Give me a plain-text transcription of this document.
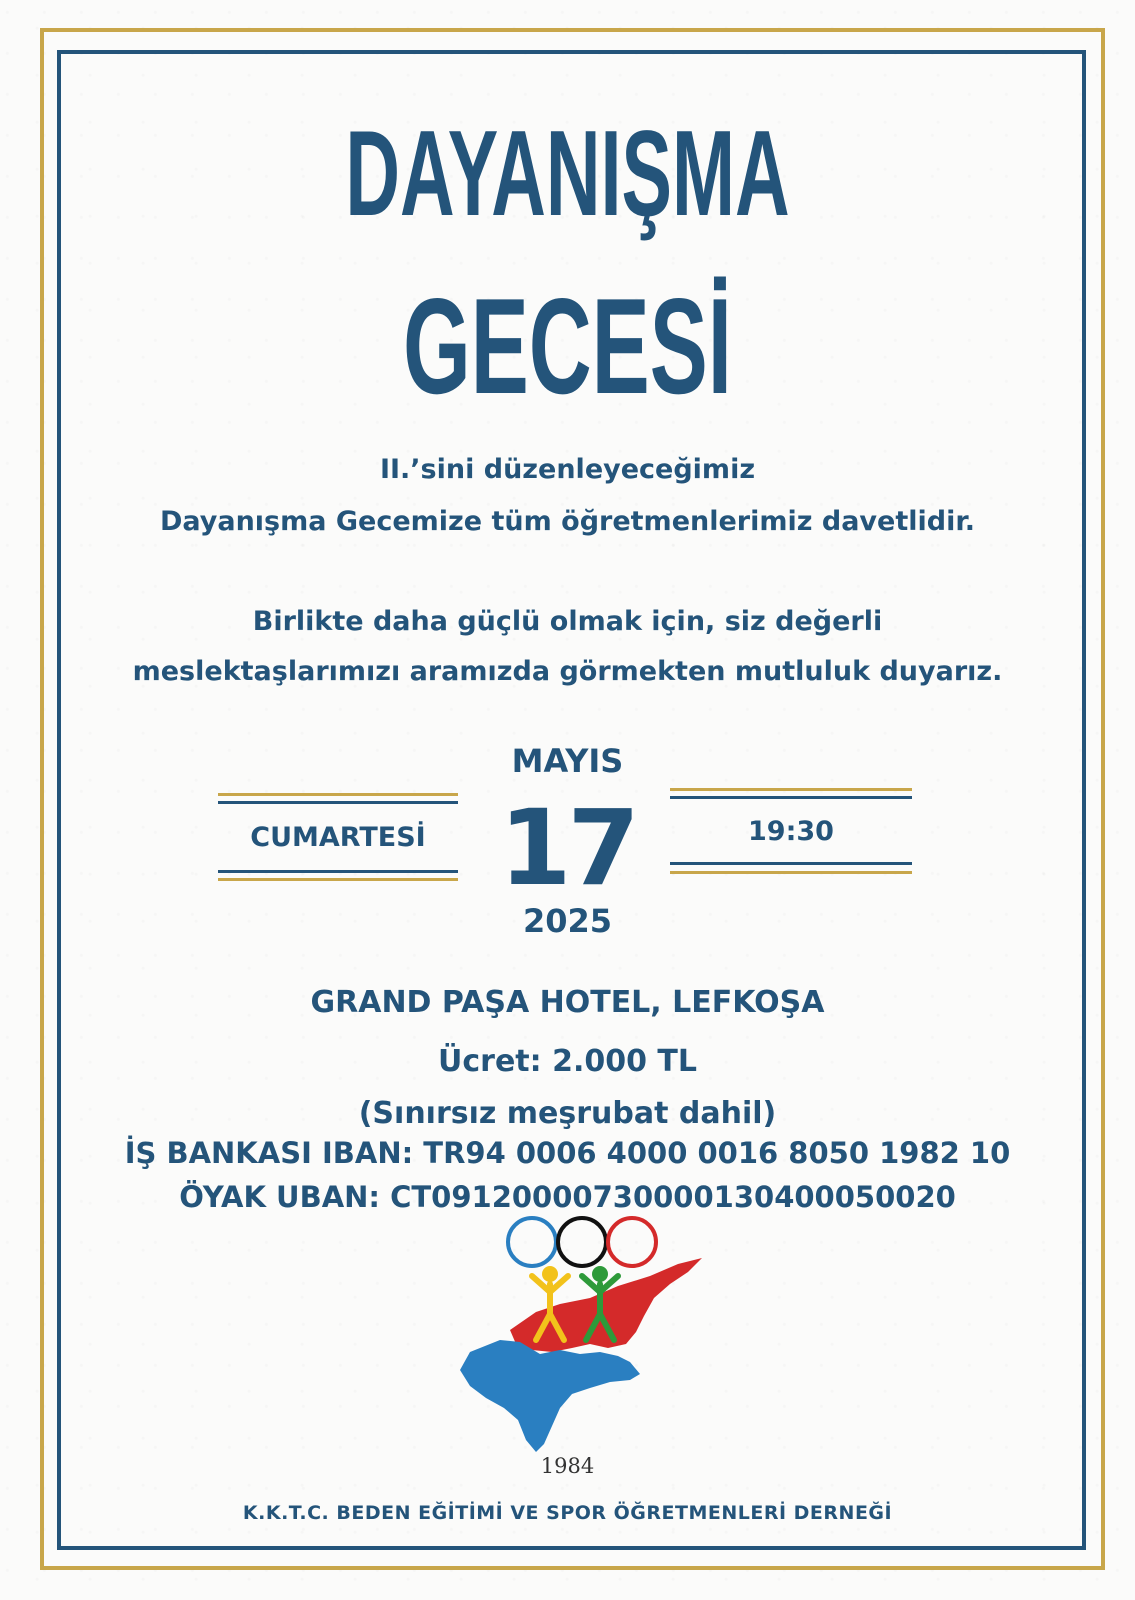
DAYANIŞMA
GECESİ

II.’sini düzenleyeceğimiz

Dayanışma Gecemize tüm öğretmenlerimiz davetlidir.

Birlikte daha güçlü olmak için, siz değerli

meslektaşlarımızı aramızda görmekten mutluluk duyarız.

MAYIS

CUMARTESİ 17	19:30

2025

GRAND PAŞA HOTEL, LEFKOŞA

Ücret: 2.000 TL

(Sınırsız meşrubat dahil)

İŞ BANKASI IBAN: TR94 0006 4000 0016 8050 1982 10

ÖYAK UBAN: CT09120000730000130400050020

1984
K.K.T.C. BEDEN EĞİTİMİ VE SPOR ÖĞRETMENLERİ DERNEĞİ
